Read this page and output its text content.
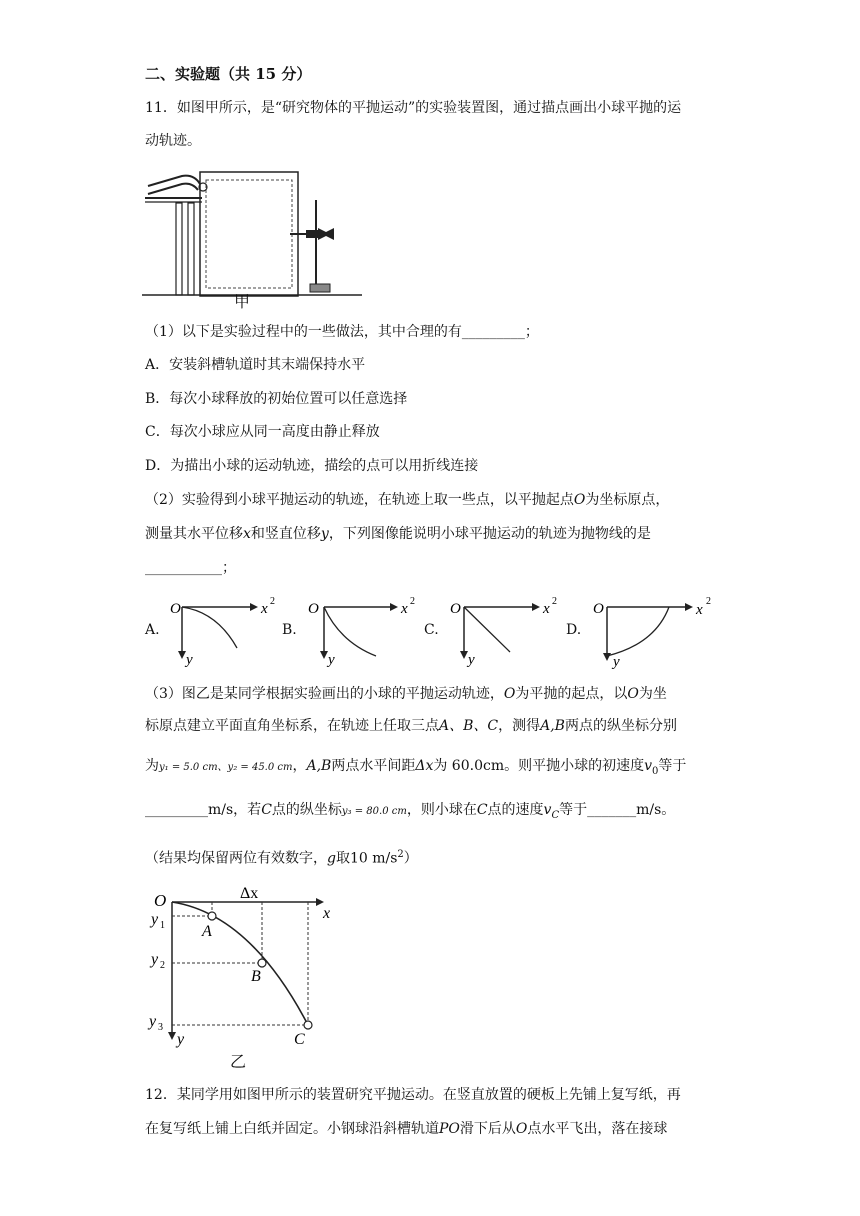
二、实验题（共 15 分）
11．如图甲所示，是“研究物体的平抛运动”的实验装置图，通过描点画出小球平抛的运
动轨迹。
甲
（1）以下是实验过程中的一些做法，其中合理的有_________；
A．安装斜槽轨道时其末端保持水平
B．每次小球释放的初始位置可以任意选择
C．每次小球应从同一高度由静止释放
D．为描出小球的运动轨迹，描绘的点可以用折线连接
（2）实验得到小球平抛运动的轨迹，在轨迹上取一些点，以平抛起点O为坐标原点，
测量其水平位移x和竖直位移y，下列图像能说明小球平抛运动的轨迹为抛物线的是
___________；
A.
O	x 2
y
B.
O	x 2
y
C.
O	x 2
y
D.
O	x
2
y
（3）图乙是某同学根据实验画出的小球的平抛运动轨迹，O为平抛的起点，以O为坐
标原点建立平面直角坐标系，在轨迹上任取三点A、B、C，测得A,B两点的纵坐标分别
为y₁ = 5.0 cm、y₂ = 45.0 cm，A,B两点水平间距Δx为 60.0cm。则平抛小球的初速度$v_0$等于
_________m/s，若C点的纵坐标y₃ = 80.0 cm，则小球在C点的速度$v_C$等于_______m/s。
（结果均保留两位有效数字，g取10 $m/s^2$）
O
x
Δx
y
A
B
C
y 1
y 2
y 3
乙
12．某同学用如图甲所示的装置研究平抛运动。在竖直放置的硬板上先铺上复写纸，再
在复写纸上铺上白纸并固定。小钢球沿斜槽轨道PO滑下后从O点水平飞出，落在接球
